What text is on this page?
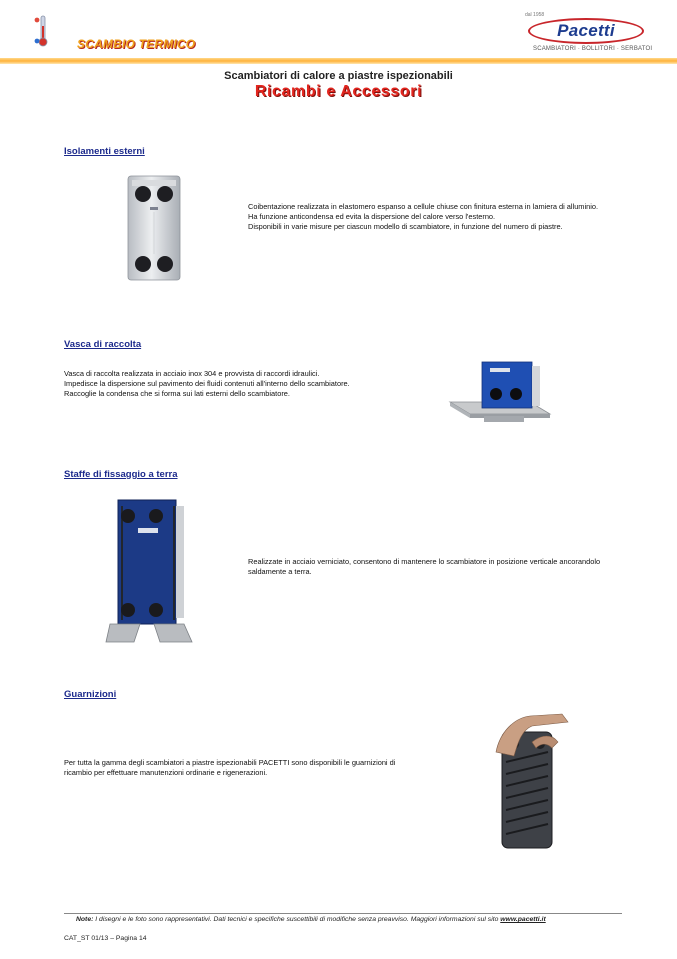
SCAMBIO TERMICO
dal 1958
Pacetti
SCAMBIATORI · BOLLITORI · SERBATOI
Scambiatori di calore a piastre ispezionabili
Ricambi e Accessori
Isolamenti esterni

Coibentazione realizzata in elastomero espanso a cellule chiuse con finitura esterna in lamiera di alluminio.

Ha funzione anticondensa ed evita la dispersione del calore verso l'esterno.

Disponibili in varie misure per ciascun modello di scambiatore, in funzione del numero di piastre.

Vasca di raccolta

Vasca di raccolta realizzata in acciaio inox 304 e provvista di raccordi idraulici.

Impedisce la dispersione sul pavimento dei fluidi contenuti all'interno dello scambiatore.

Raccoglie la condensa che si forma sui lati esterni dello scambiatore.

Staffe di fissaggio a terra

Realizzate in acciaio verniciato, consentono di mantenere lo scambiatore in posizione verticale ancorandolo saldamente a terra.

Guarnizioni

Per tutta la gamma degli scambiatori a piastre ispezionabili PACETTI sono disponibili le guarnizioni di ricambio per effettuare manutenzioni ordinarie e rigenerazioni.

Note: I disegni e le foto sono rappresentativi. Dati tecnici e specifiche suscettibili di modifiche senza preavviso. Maggiori informazioni sul sito www.pacetti.it
CAT_ST 01/13 – Pagina 14
